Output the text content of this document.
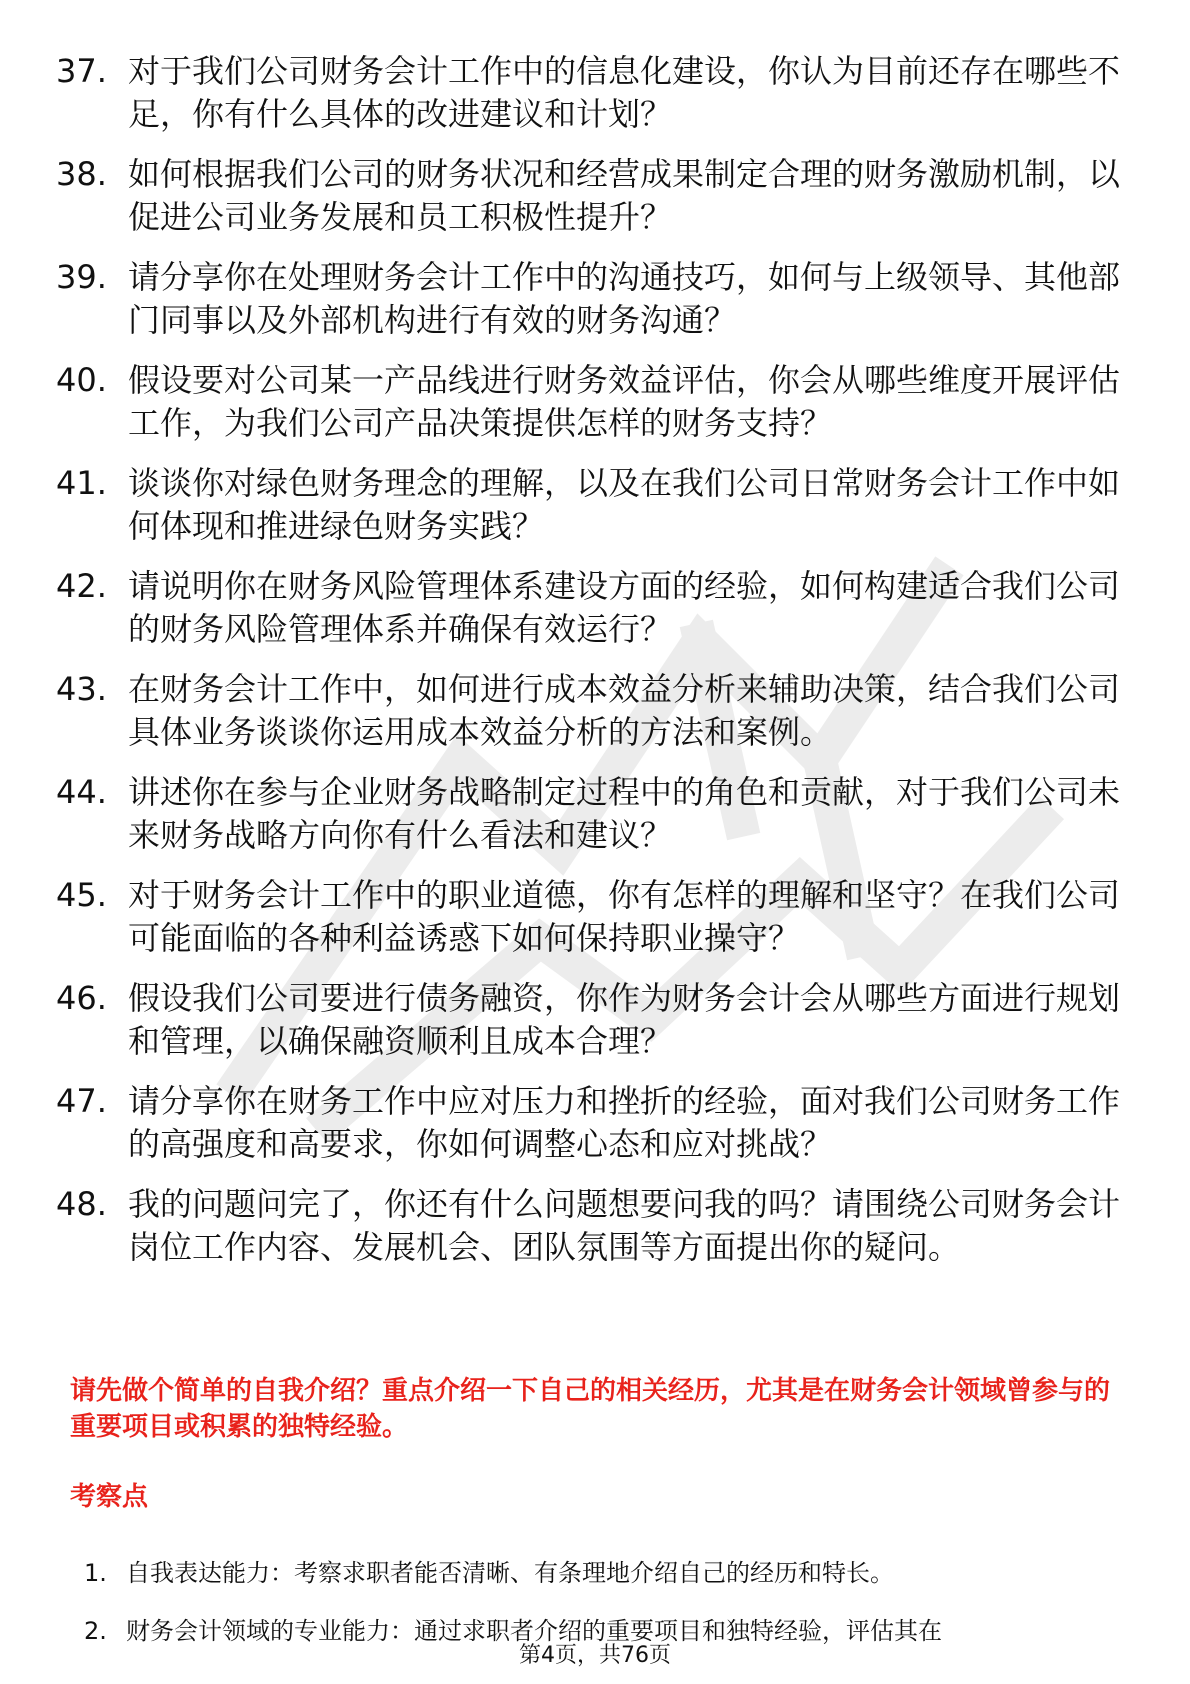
37. 对于我们公司财务会计工作中的信息化建设，你认为目前还存在哪些不足，你有什么具体的改进建议和计划？
38. 如何根据我们公司的财务状况和经营成果制定合理的财务激励机制，以促进公司业务发展和员工积极性提升？
39. 请分享你在处理财务会计工作中的沟通技巧，如何与上级领导、其他部门同事以及外部机构进行有效的财务沟通？
40. 假设要对公司某一产品线进行财务效益评估，你会从哪些维度开展评估工作，为我们公司产品决策提供怎样的财务支持？
41. 谈谈你对绿色财务理念的理解，以及在我们公司日常财务会计工作中如何体现和推进绿色财务实践？
42. 请说明你在财务风险管理体系建设方面的经验，如何构建适合我们公司的财务风险管理体系并确保有效运行？
43. 在财务会计工作中，如何进行成本效益分析来辅助决策，结合我们公司具体业务谈谈你运用成本效益分析的方法和案例。
44. 讲述你在参与企业财务战略制定过程中的角色和贡献，对于我们公司未来财务战略方向你有什么看法和建议？
45. 对于财务会计工作中的职业道德，你有怎样的理解和坚守？在我们公司可能面临的各种利益诱惑下如何保持职业操守？
46. 假设我们公司要进行债务融资，你作为财务会计会从哪些方面进行规划和管理，以确保融资顺利且成本合理？
47. 请分享你在财务工作中应对压力和挫折的经验，面对我们公司财务工作的高强度和高要求，你如何调整心态和应对挑战？
48. 我的问题问完了，你还有什么问题想要问我的吗？请围绕公司财务会计岗位工作内容、发展机会、团队氛围等方面提出你的疑问。
请先做个简单的自我介绍？重点介绍一下自己的相关经历，尤其是在财务会计领域曾参与的重要项目或积累的独特经验。
考察点
1. 自我表达能力：考察求职者能否清晰、有条理地介绍自己的经历和特长。
2. 财务会计领域的专业能力：通过求职者介绍的重要项目和独特经验，评估其在
第4页，共76页
